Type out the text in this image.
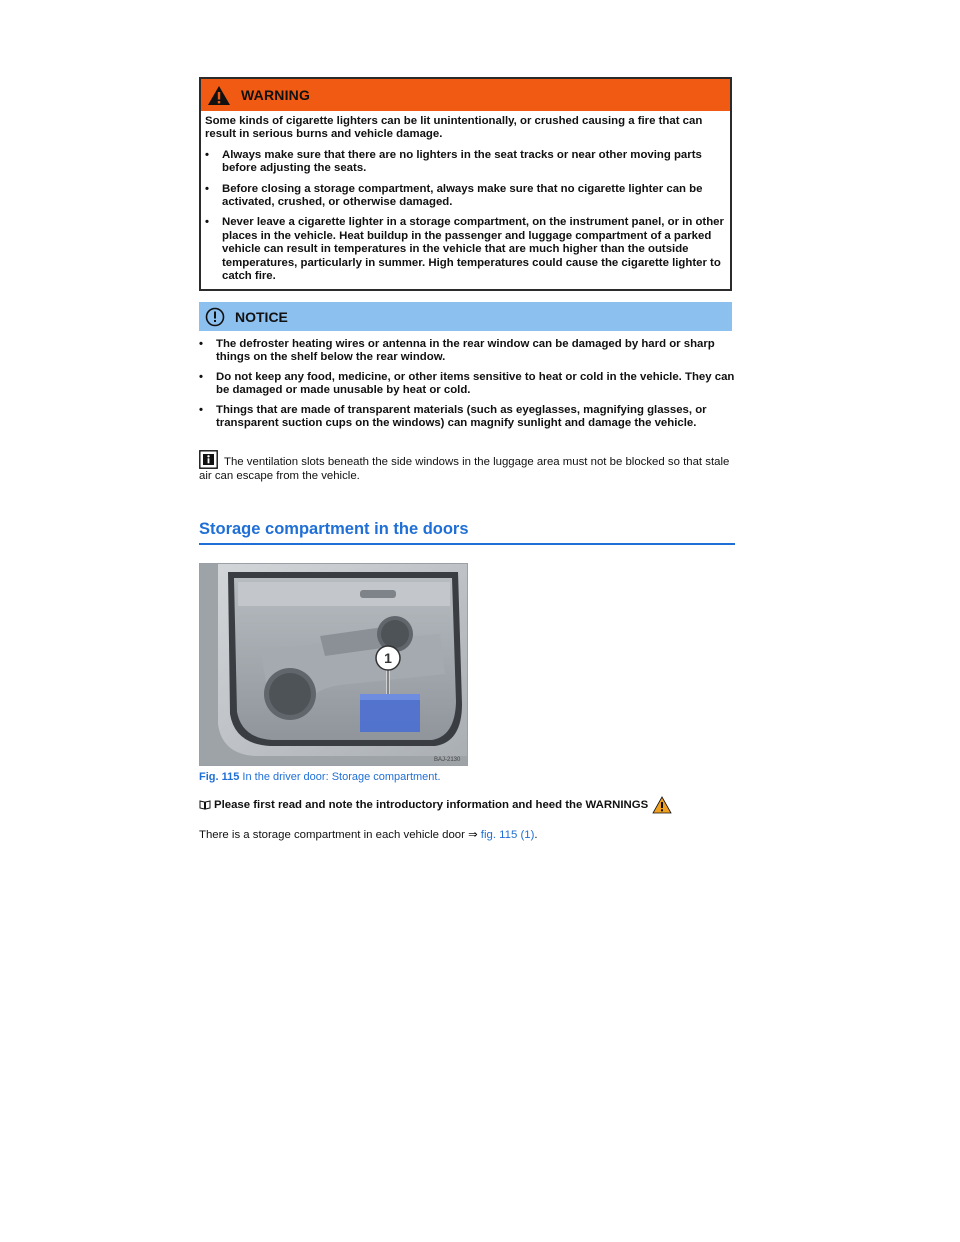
WARNING

Some kinds of cigarette lighters can be lit unintentionally, or crushed causing a fire that can result in serious burns and vehicle damage.

•	Always make sure that there are no lighters in the seat tracks or near other moving parts before adjusting the seats.

•	Before closing a storage compartment, always make sure that no cigarette lighter can be activated, crushed, or otherwise damaged.

•	Never leave a cigarette lighter in a storage compartment, on the instrument panel, or in other places in the vehicle. Heat buildup in the passenger and luggage compartment of a parked vehicle can result in temperatures in the vehicle that are much higher than the outside temperatures, particularly in summer. High temperatures could cause the cigarette lighter to catch fire.

NOTICE

•	The defroster heating wires or antenna in the rear window can be damaged by hard or sharp things on the shelf below the rear window.

•	Do not keep any food, medicine, or other items sensitive to heat or cold in the vehicle. They can be damaged or made unusable by heat or cold.

•	Things that are made of transparent materials (such as eyeglasses, magnifying glasses, or transparent suction cups on the windows) can magnify sunlight and damage the vehicle.

The ventilation slots beneath the side windows in the luggage area must not be blocked so that stale air can escape from the vehicle.
Storage compartment in the doors
1
BAJ-2130
Fig. 115 In the driver door: Storage compartment.
Please first read and note the introductory information and heed the WARNINGS
There is a storage compartment in each vehicle door ⇒ fig. 115 (1).
